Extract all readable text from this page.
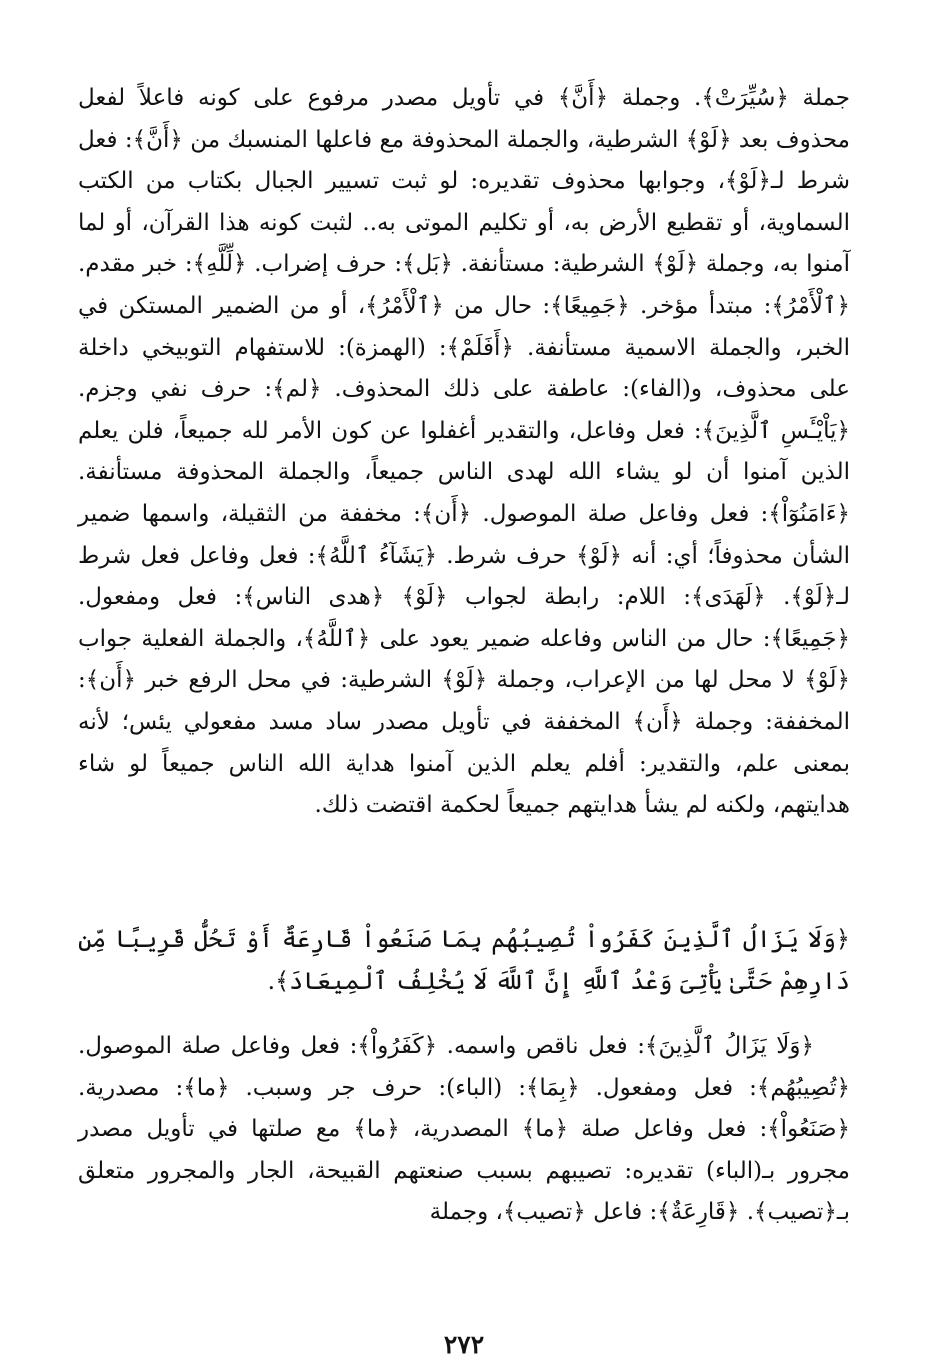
جملة ﴿سُيِّرَتْ﴾. وجملة ﴿أَنَّ﴾ في تأويل مصدر مرفوع على كونه فاعلاً لفعل محذوف بعد ﴿لَوْ﴾ الشرطية، والجملة المحذوفة مع فاعلها المنسبك من ﴿أَنَّ﴾: فعل شرط لـ﴿لَوْ﴾، وجوابها محذوف تقديره: لو ثبت تسيير الجبال بكتاب من الكتب السماوية، أو تقطيع الأرض به، أو تكليم الموتى به.. لثبت كونه هذا القرآن، أو لما آمنوا به، وجملة ﴿لَوْ﴾ الشرطية: مستأنفة. ﴿بَل﴾: حرف إضراب. ﴿لِّلَّهِ﴾: خبر مقدم. ﴿ٱلْأَمْرُ﴾: مبتدأ مؤخر. ﴿جَمِيعًا﴾: حال من ﴿ٱلْأَمْرُ﴾، أو من الضمير المستكن في الخبر، والجملة الاسمية مستأنفة. ﴿أَفَلَمْ﴾: (الهمزة): للاستفهام التوبيخي داخلة على محذوف، و(الفاء): عاطفة على ذلك المحذوف. ﴿لم﴾: حرف نفي وجزم. ﴿يَاْيْـَٔسِ ٱلَّذِينَ﴾: فعل وفاعل، والتقدير أغفلوا عن كون الأمر لله جميعاً، فلن يعلم الذين آمنوا أن لو يشاء الله لهدى الناس جميعاً، والجملة المحذوفة مستأنفة. ﴿ءَامَنُوٓاْ﴾: فعل وفاعل صلة الموصول. ﴿أَن﴾: مخففة من الثقيلة، واسمها ضمير الشأن محذوفاً؛ أي: أنه ﴿لَوْ﴾ حرف شرط. ﴿يَشَآءُ ٱللَّهُ﴾: فعل وفاعل فعل شرط لـ﴿لَوْ﴾. ﴿لَهَدَى﴾: اللام: رابطة لجواب ﴿لَوْ﴾ ﴿هدى الناس﴾: فعل ومفعول. ﴿جَمِيعًا﴾: حال من الناس وفاعله ضمير يعود على ﴿ٱللَّهُ﴾، والجملة الفعلية جواب ﴿لَوْ﴾ لا محل لها من الإعراب، وجملة ﴿لَوْ﴾ الشرطية: في محل الرفع خبر ﴿أَن﴾: المخففة: وجملة ﴿أَن﴾ المخففة في تأويل مصدر ساد مسد مفعولي يئس؛ لأنه بمعنى علم، والتقدير: أفلم يعلم الذين آمنوا هداية الله الناس جميعاً لو شاء هدايتهم، ولكنه لم يشأ هدايتهم جميعاً لحكمة اقتضت ذلك.

﴿وَلَا يَزَالُ ٱلَّذِينَ كَفَرُواْ تُصِيبُهُم بِمَا صَنَعُواْ قَارِعَةٌ أَوْ تَحُلُّ قَرِيبًا مِّن دَارِهِمْ حَتَّىٰ يَأْتِىَ وَعْدُ ٱللَّهِ إِنَّ ٱللَّهَ لَا يُخْلِفُ ٱلْمِيعَادَ﴾.

﴿وَلَا يَزَالُ ٱلَّذِينَ﴾: فعل ناقص واسمه. ﴿كَفَرُواْ﴾: فعل وفاعل صلة الموصول. ﴿تُصِيبُهُم﴾: فعل ومفعول. ﴿بِمَا﴾: (الباء): حرف جر وسبب. ﴿ما﴾: مصدرية. ﴿صَنَعُواْ﴾: فعل وفاعل صلة ﴿ما﴾ المصدرية، ﴿ما﴾ مع صلتها في تأويل مصدر مجرور بـ(الباء) تقديره: تصيبهم بسبب صنعتهم القبيحة، الجار والمجرور متعلق بـ﴿تصيب﴾. ﴿قَارِعَةٌ﴾: فاعل ﴿تصيب﴾، وجملة

٢٧٢
